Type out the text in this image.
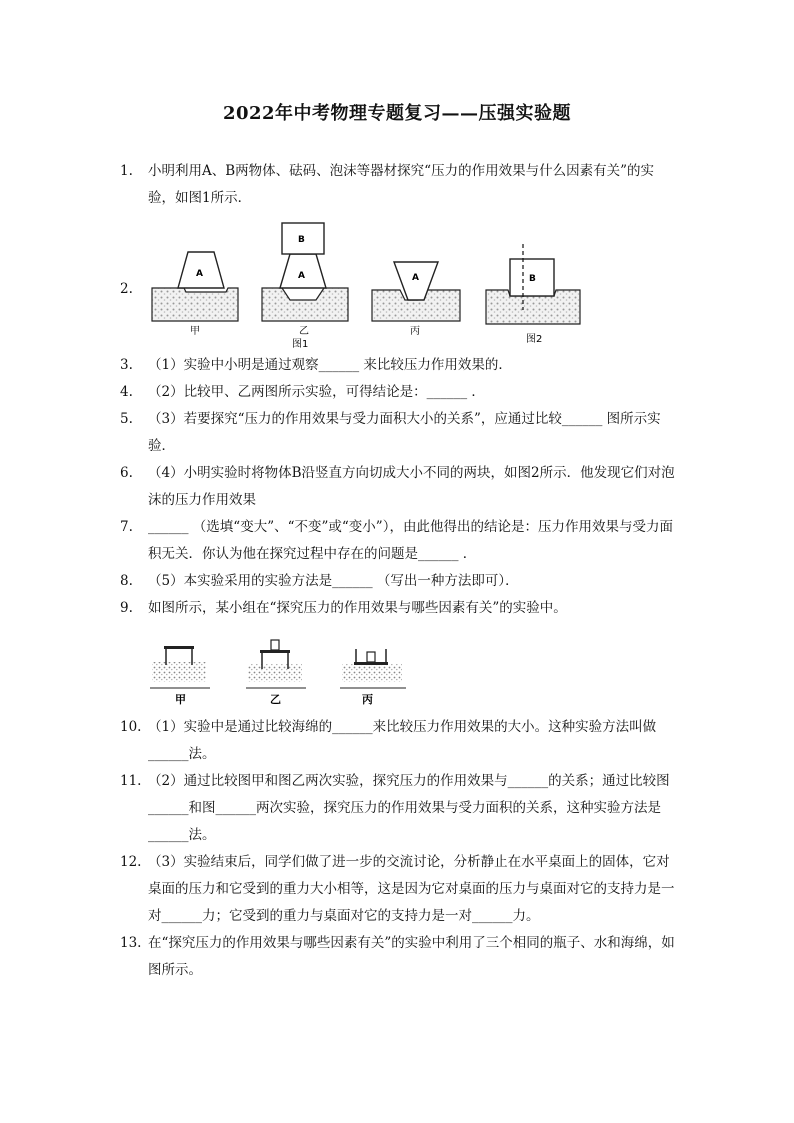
2022年中考物理专题复习——压强实验题
1.	小明利用A、B两物体、砝码、泡沫等器材探究“压力的作用效果与什么因素有关”的实验，如图1所示．
2.
A
甲
B
A
乙
图1
A
丙
B
图2
3.	（1）实验中小明是通过观察______ 来比较压力作用效果的．
4.	（2）比较甲、乙两图所示实验，可得结论是：______ ．
5.	（3）若要探究“压力的作用效果与受力面积大小的关系”，应通过比较______ 图所示实验．
6.	（4）小明实验时将物体B沿竖直方向切成大小不同的两块，如图2所示．他发现它们对泡沫的压力作用效果
7.	______ （选填“变大”、“不变”或“变小”），由此他得出的结论是：压力作用效果与受力面积无关．你认为他在探究过程中存在的问题是______ ．
8.	（5）本实验采用的实验方法是______ （写出一种方法即可）．
9.	如图所示，某小组在“探究压力的作用效果与哪些因素有关”的实验中。
甲	乙	丙
10. （1）实验中是通过比较海绵的______来比较压力作用效果的大小。这种实验方法叫做______法。
11. （2）通过比较图甲和图乙两次实验，探究压力的作用效果与______的关系；通过比较图______和图______两次实验，探究压力的作用效果与受力面积的关系，这种实验方法是______法。
12. （3）实验结束后，同学们做了进一步的交流讨论，分析静止在水平桌面上的固体，它对桌面的压力和它受到的重力大小相等，这是因为它对桌面的压力与桌面对它的支持力是一对______力；它受到的重力与桌面对它的支持力是一对______力。
13. 在“探究压力的作用效果与哪些因素有关”的实验中利用了三个相同的瓶子、水和海绵，如图所示。
